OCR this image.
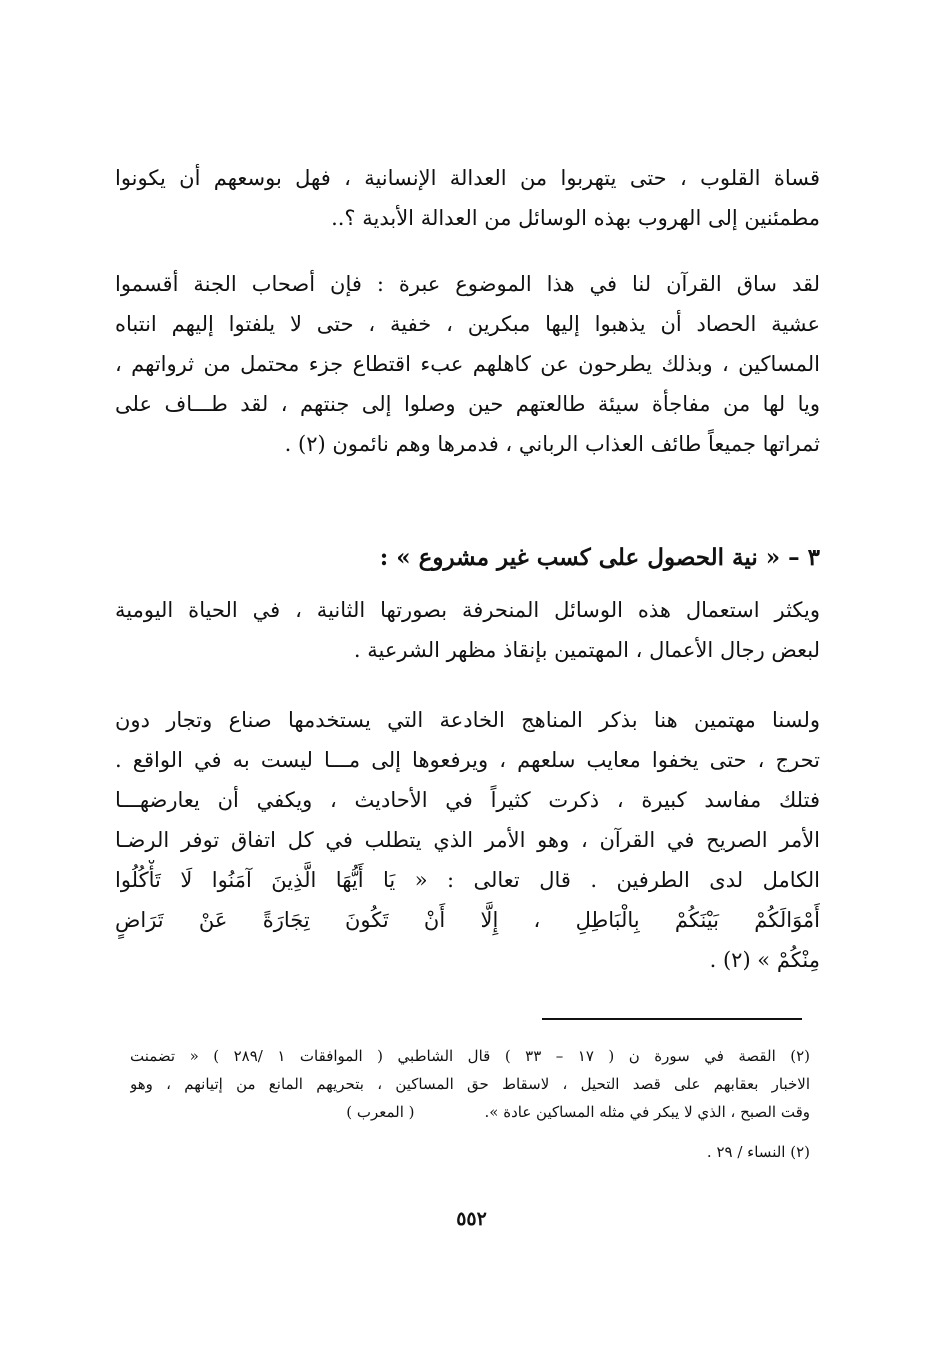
قساة القلوب ، حتى يتهربوا من العدالة الإنسانية ، فهل بوسعهم أن يكونوا
مطمئنين إلى الهروب بهذه الوسائل من العدالة الأبدية ؟..
لقد ساق القرآن لنا في هذا الموضوع عبرة : فإن أصحاب الجنة أقسموا
عشية الحصاد أن يذهبوا إليها مبكرين ، خفية ، حتى لا يلفتوا إليهم انتباه
المساكين ، وبذلك يطرحون عن كاهلهم عبء اقتطاع جزء محتمل من ثرواتهم ،
ويا لها من مفاجأة سيئة طالعتهم حين وصلوا إلى جنتهم ، لقد طـــاف على
ثمراتها جميعاً طائف العذاب الرباني ، فدمرها وهم نائمون (٢) .
٣ – « نية الحصول على كسب غير مشروع » :
ويكثر استعمال هذه الوسائل المنحرفة بصورتها الثانية ، في الحياة اليومية
لبعض رجال الأعمال ، المهتمين بإنقاذ مظهر الشرعية .
ولسنا مهتمين هنا بذكر المناهج الخادعة التي يستخدمها صناع وتجار دون
تحرج ، حتى يخفوا معايب سلعهم ، ويرفعوها إلى مـــا ليست به في الواقع .
فتلك مفاسد كبيرة ، ذكرت كثيراً في الأحاديث ، ويكفي أن يعارضهـــا
الأمر الصريح في القرآن ، وهو الأمر الذي يتطلب في كل اتفاق توفر الرضـا
الكامل لدى الطرفين . قال تعالى : « يَا أَيُّهَا الَّذِينَ آمَنُوا لَا تَأْكُلُوا
أَمْوَالَكُمْ بَيْنَكُمْ بِالْبَاطِلِ ، إِلَّا أَنْ تَكُونَ تِجَارَةً عَنْ تَرَاضٍ
مِنْكُمْ » (٢) .
(٢) القصة في سورة ن ( ١٧ – ٣٣ ) قال الشاطبي ( الموافقات ١ /٢٨٩ ) « تضمنت
الاخبار بعقابهم على قصد التحيل ، لاسقاط حق المساكين ، بتحريهم المانع من إتيانهم ، وهو
وقت الصبح ، الذي لا يبكر في مثله المساكين عادة ».( المعرب )
(٢) النساء / ٢٩ .
٥٥٢
